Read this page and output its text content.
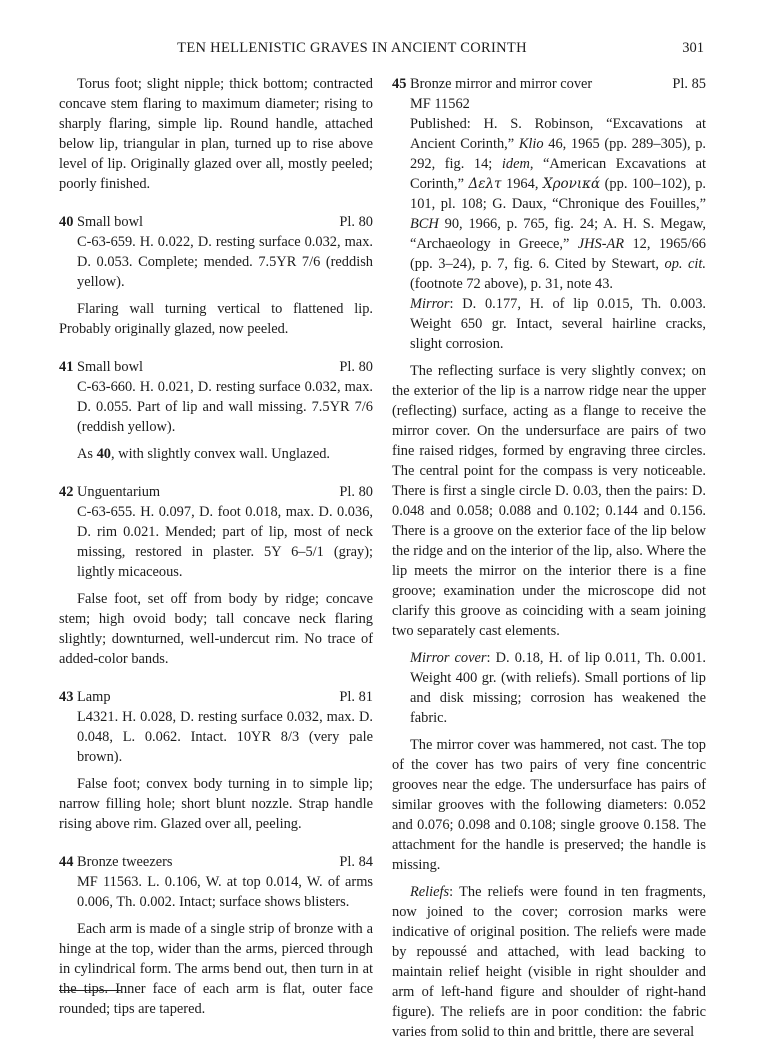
TEN HELLENISTIC GRAVES IN ANCIENT CORINTH	301

Torus foot; slight nipple; thick bottom; contracted concave stem flaring to maximum diameter; rising to sharply flaring, simple lip. Round handle, attached below lip, triangular in plan, turned up to rise above level of lip. Originally glazed over all, mostly peeled; poorly finished.

40 Small bowl	Pl. 80

C-63-659. H. 0.022, D. resting surface 0.032, max. D. 0.053. Complete; mended. 7.5YR 7/6 (reddish yellow).

Flaring wall turning vertical to flattened lip. Probably originally glazed, now peeled.

41 Small bowl	Pl. 80

C-63-660. H. 0.021, D. resting surface 0.032, max. D. 0.055. Part of lip and wall missing. 7.5YR 7/6 (reddish yellow).

As 40, with slightly convex wall. Unglazed.

42 Unguentarium	Pl. 80

C-63-655. H. 0.097, D. foot 0.018, max. D. 0.036, D. rim 0.021. Mended; part of lip, most of neck missing, restored in plaster. 5Y 6–5/1 (gray); lightly micaceous.

False foot, set off from body by ridge; concave stem; high ovoid body; tall concave neck flaring slightly; downturned, well-undercut rim. No trace of added-color bands.

43 Lamp	Pl. 81

L4321. H. 0.028, D. resting surface 0.032, max. D. 0.048, L. 0.062. Intact. 10YR 8/3 (very pale brown).

False foot; convex body turning in to simple lip; narrow filling hole; short blunt nozzle. Strap handle rising above rim. Glazed over all, peeling.

44 Bronze tweezers	Pl. 84

MF 11563. L. 0.106, W. at top 0.014, W. of arms 0.006, Th. 0.002. Intact; surface shows blisters.

Each arm is made of a single strip of bronze with a hinge at the top, wider than the arms, pierced through in cylindrical form. The arms bend out, then turn in at the tips. Inner face of each arm is flat, outer face rounded; tips are tapered.

45 Bronze mirror and mirror cover	Pl. 85

MF 11562

Published: H. S. Robinson, “Excavations at Ancient Corinth,” Klio 46, 1965 (pp. 289–305), p. 292, fig. 14; idem, “American Excavations at Corinth,” Δελτ 1964, Χρονικά (pp. 100–102), p. 101, pl. 108; G. Daux, “Chronique des Fouilles,” BCH 90, 1966, p. 765, fig. 24; A. H. S. Megaw, “Archaeology in Greece,” JHS-AR 12, 1965/66 (pp. 3–24), p. 7, fig. 6. Cited by Stewart, op. cit. (footnote 72 above), p. 31, note 43.

Mirror: D. 0.177, H. of lip 0.015, Th. 0.003. Weight 650 gr. Intact, several hairline cracks, slight corrosion.

The reflecting surface is very slightly convex; on the exterior of the lip is a narrow ridge near the upper (reflecting) surface, acting as a flange to receive the mirror cover. On the undersurface are pairs of two fine raised ridges, formed by engraving three circles. The central point for the compass is very noticeable. There is first a single circle D. 0.03, then the pairs: D. 0.048 and 0.058; 0.088 and 0.102; 0.144 and 0.156. There is a groove on the exterior face of the lip below the ridge and on the interior of the lip, also. Where the lip meets the mirror on the interior there is a fine groove; examination under the microscope did not clarify this groove as coinciding with a seam joining two separately cast elements.

Mirror cover: D. 0.18, H. of lip 0.011, Th. 0.001. Weight 400 gr. (with reliefs). Small portions of lip and disk missing; corrosion has weakened the fabric.

The mirror cover was hammered, not cast. The top of the cover has two pairs of very fine concentric grooves near the edge. The undersurface has pairs of similar grooves with the following diameters: 0.052 and 0.076; 0.098 and 0.108; single groove 0.158. The attachment for the handle is preserved; the handle is missing.

Reliefs: The reliefs were found in ten fragments, now joined to the cover; corrosion marks were indicative of original position. The reliefs were made by repoussé and attached, with lead backing to maintain relief height (visible in right shoulder and arm of left-hand figure and shoulder of right-hand figure). The reliefs are in poor condition: the fabric varies from solid to thin and brittle, there are several
